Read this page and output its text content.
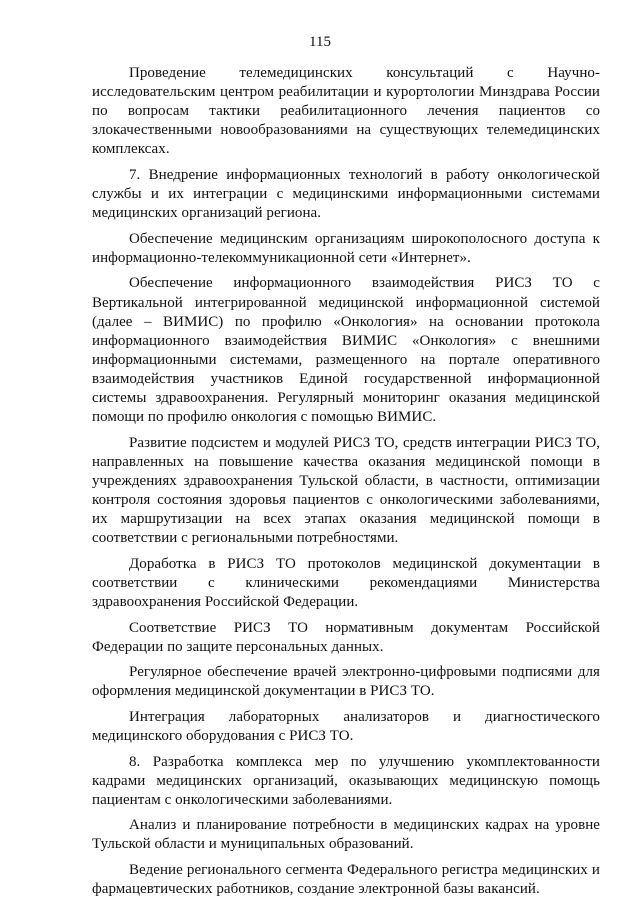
115

Проведение телемедицинских консультаций с Научно-исследовательским центром реабилитации и курортологии Минздрава России по вопросам тактики реабилитационного лечения пациентов со злокачественными новообразованиями на существующих телемедицинских комплексах.

7. Внедрение информационных технологий в работу онкологической службы и их интеграции с медицинскими информационными системами медицинских организаций региона.

Обеспечение медицинским организациям широкополосного доступа к информационно-телекоммуникационной сети «Интернет».

Обеспечение информационного взаимодействия РИСЗ ТО с Вертикальной интегрированной медицинской информационной системой (далее – ВИМИС) по профилю «Онкология» на основании протокола информационного взаимодействия ВИМИС «Онкология» с внешними информационными системами, размещенного на портале оперативного взаимодействия участников Единой государственной информационной системы здравоохранения. Регулярный мониторинг оказания медицинской помощи по профилю онкология с помощью ВИМИС.

Развитие подсистем и модулей РИСЗ ТО, средств интеграции РИСЗ ТО, направленных на повышение качества оказания медицинской помощи в учреждениях здравоохранения Тульской области, в частности, оптимизации контроля состояния здоровья пациентов с онкологическими заболеваниями, их маршрутизации на всех этапах оказания медицинской помощи в соответствии с региональными потребностями.

Доработка в РИСЗ ТО протоколов медицинской документации в соответствии с клиническими рекомендациями Министерства здравоохранения Российской Федерации.

Соответствие РИСЗ ТО нормативным документам Российской Федерации по защите персональных данных.

Регулярное обеспечение врачей электронно-цифровыми подписями для оформления медицинской документации в РИСЗ ТО.

Интеграция лабораторных анализаторов и диагностического медицинского оборудования с РИСЗ ТО.

8. Разработка комплекса мер по улучшению укомплектованности кадрами медицинских организаций, оказывающих медицинскую помощь пациентам с онкологическими заболеваниями.

Анализ и планирование потребности в медицинских кадрах на уровне Тульской области и муниципальных образований.

Ведение регионального сегмента Федерального регистра медицинских и фармацевтических работников, создание электронной базы вакансий.
